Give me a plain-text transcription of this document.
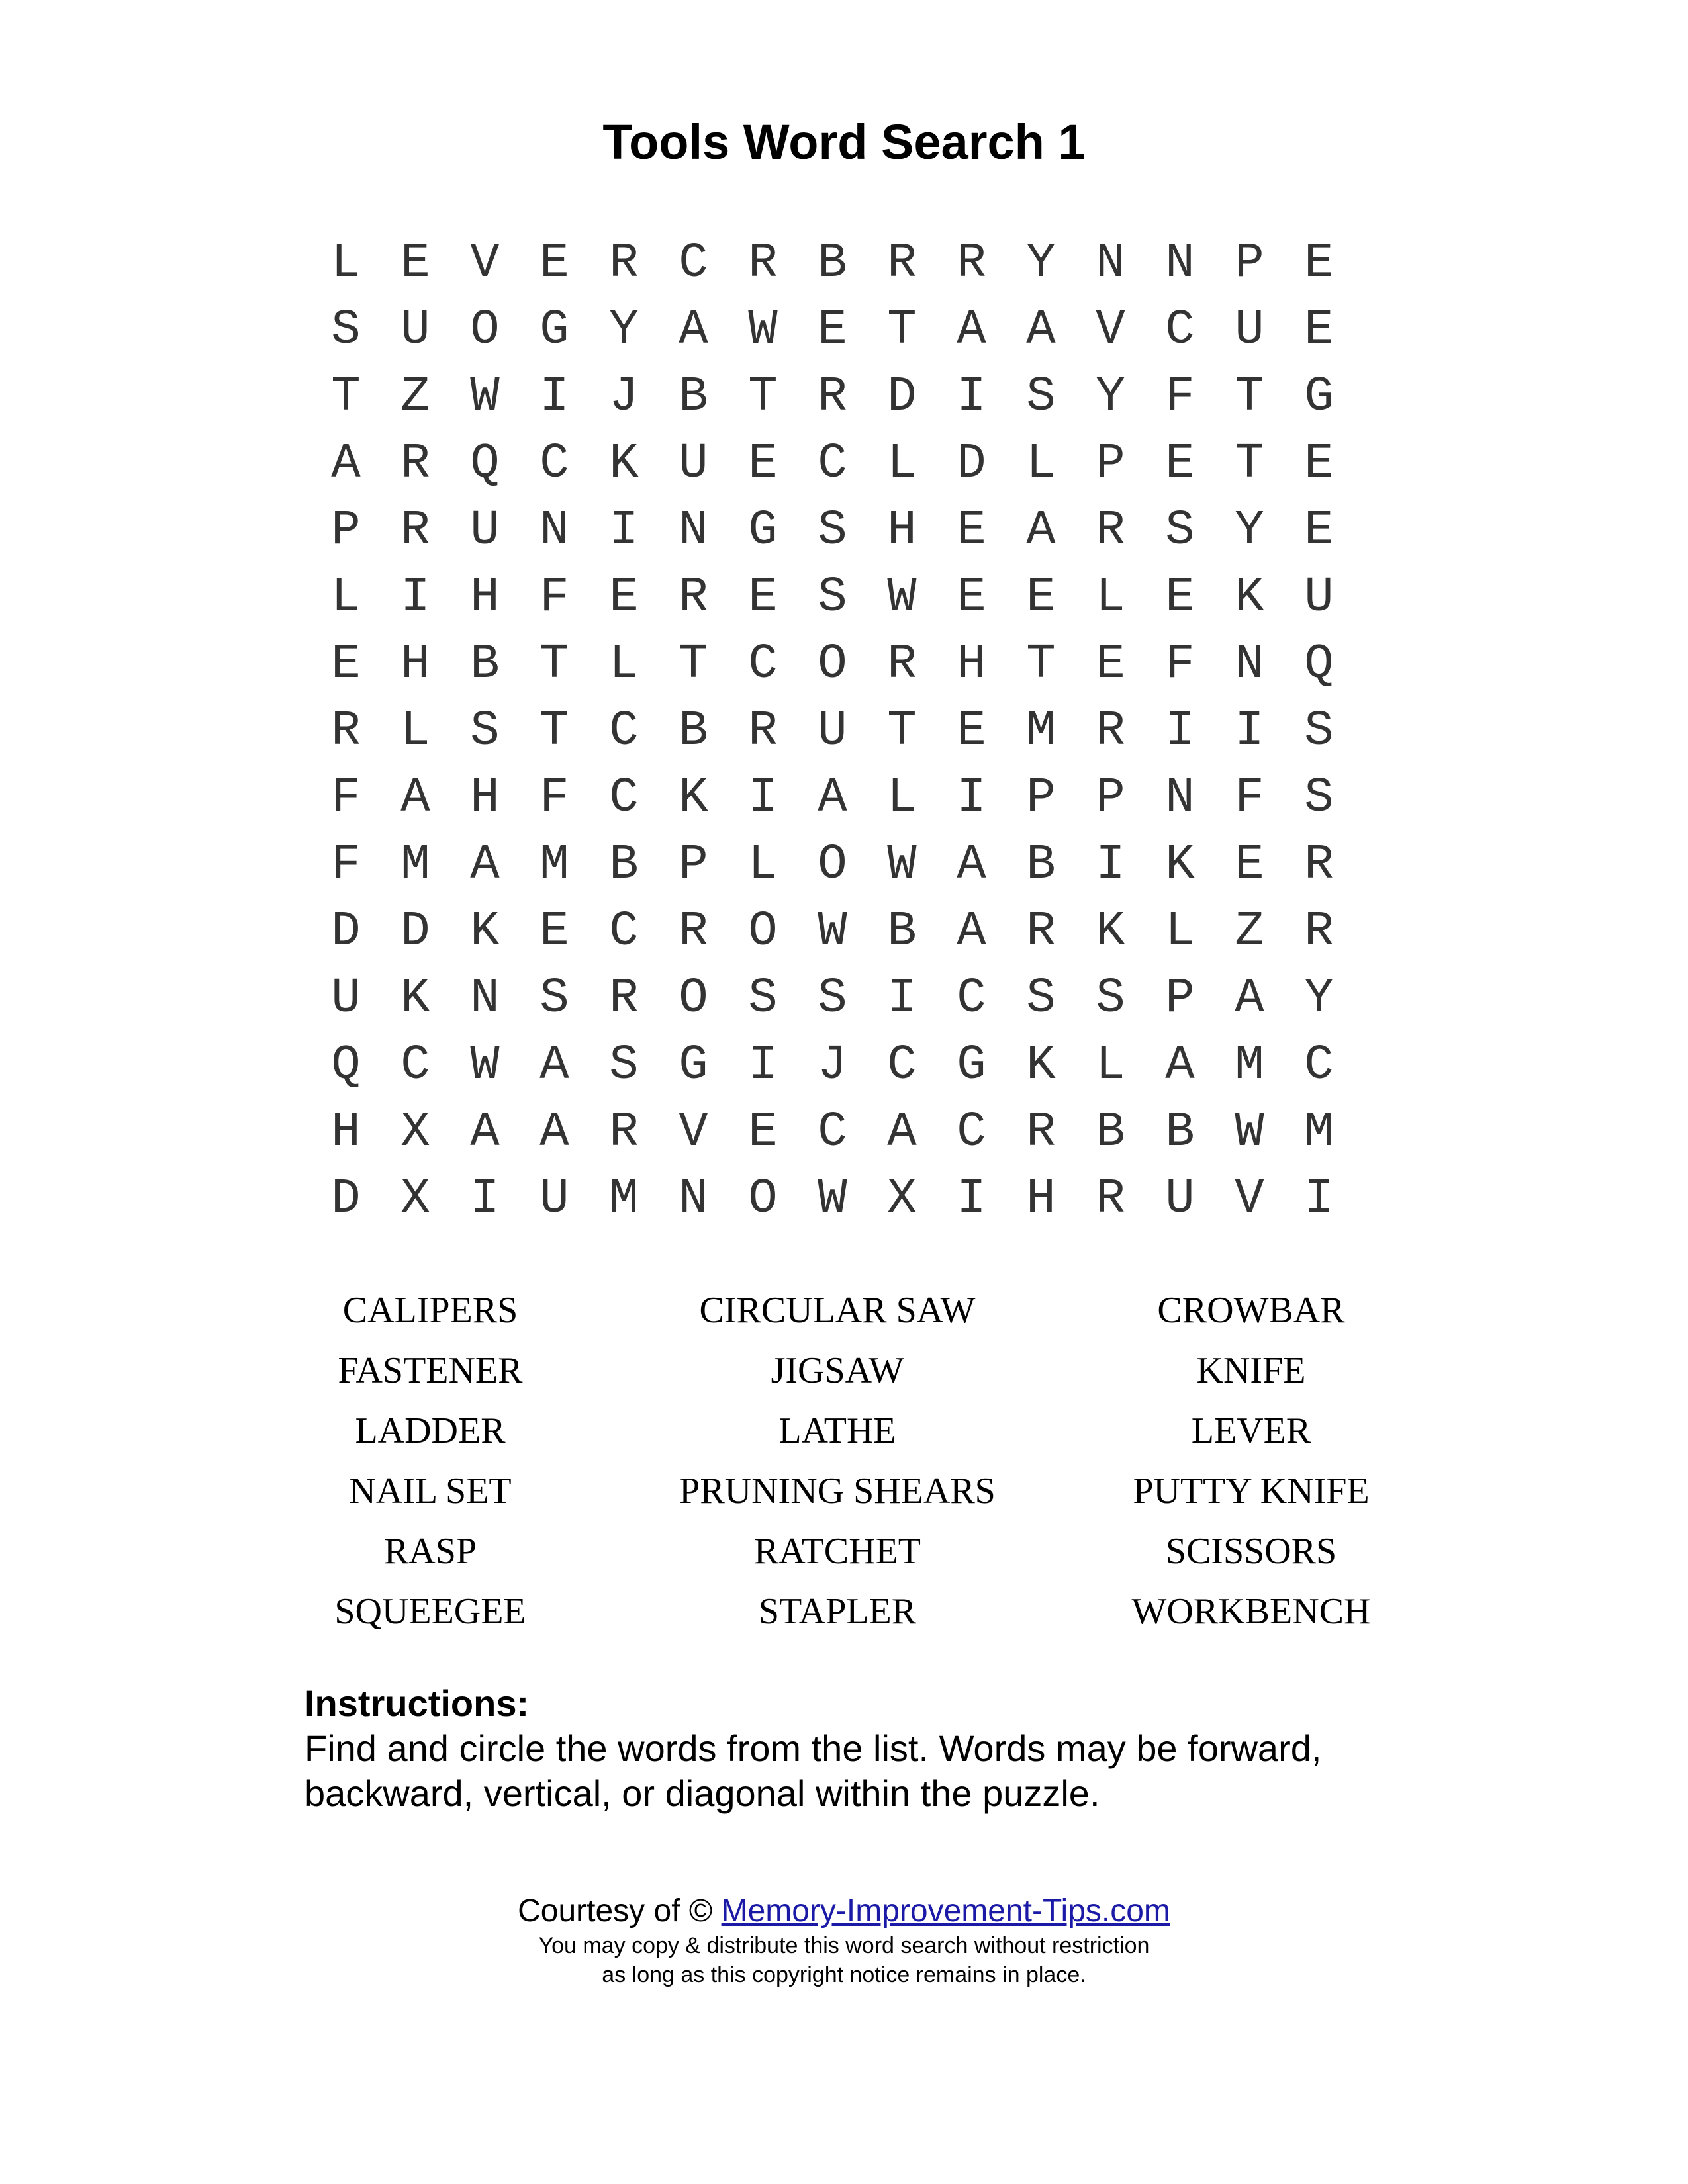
Tools Word Search 1
L E V E R C R B R R Y N N P E
S U O G Y A W E T A A V C U E
T Z W I J B T R D I S Y F T G
A R Q C K U E C L D L P E T E
P R U N I N G S H E A R S Y E
L I H F E R E S W E E L E K U
E H B T L T C O R H T E F N Q
R L S T C B R U T E M R I I S
F A H F C K I A L I P P N F S
F M A M B P L O W A B I K E R
D D K E C R O W B A R K L Z R
U K N S R O S S I C S S P A Y
Q C W A S G I J C G K L A M C
H X A A R V E C A C R B B W M
D X I U M N O W X I H R U V I
CALIPERS	CIRCULAR SAW	CROWBAR
FASTENER	JIGSAW	KNIFE
LADDER	LATHE	LEVER
NAIL SET	PRUNING SHEARS	PUTTY KNIFE
RASP	RATCHET	SCISSORS
SQUEEGEE	STAPLER	WORKBENCH
Instructions:
Find and circle the words from the list. Words may be forward,
backward, vertical, or diagonal within the puzzle.
Courtesy of © Memory-Improvement-Tips.com
You may copy & distribute this word search without restriction
as long as this copyright notice remains in place.
